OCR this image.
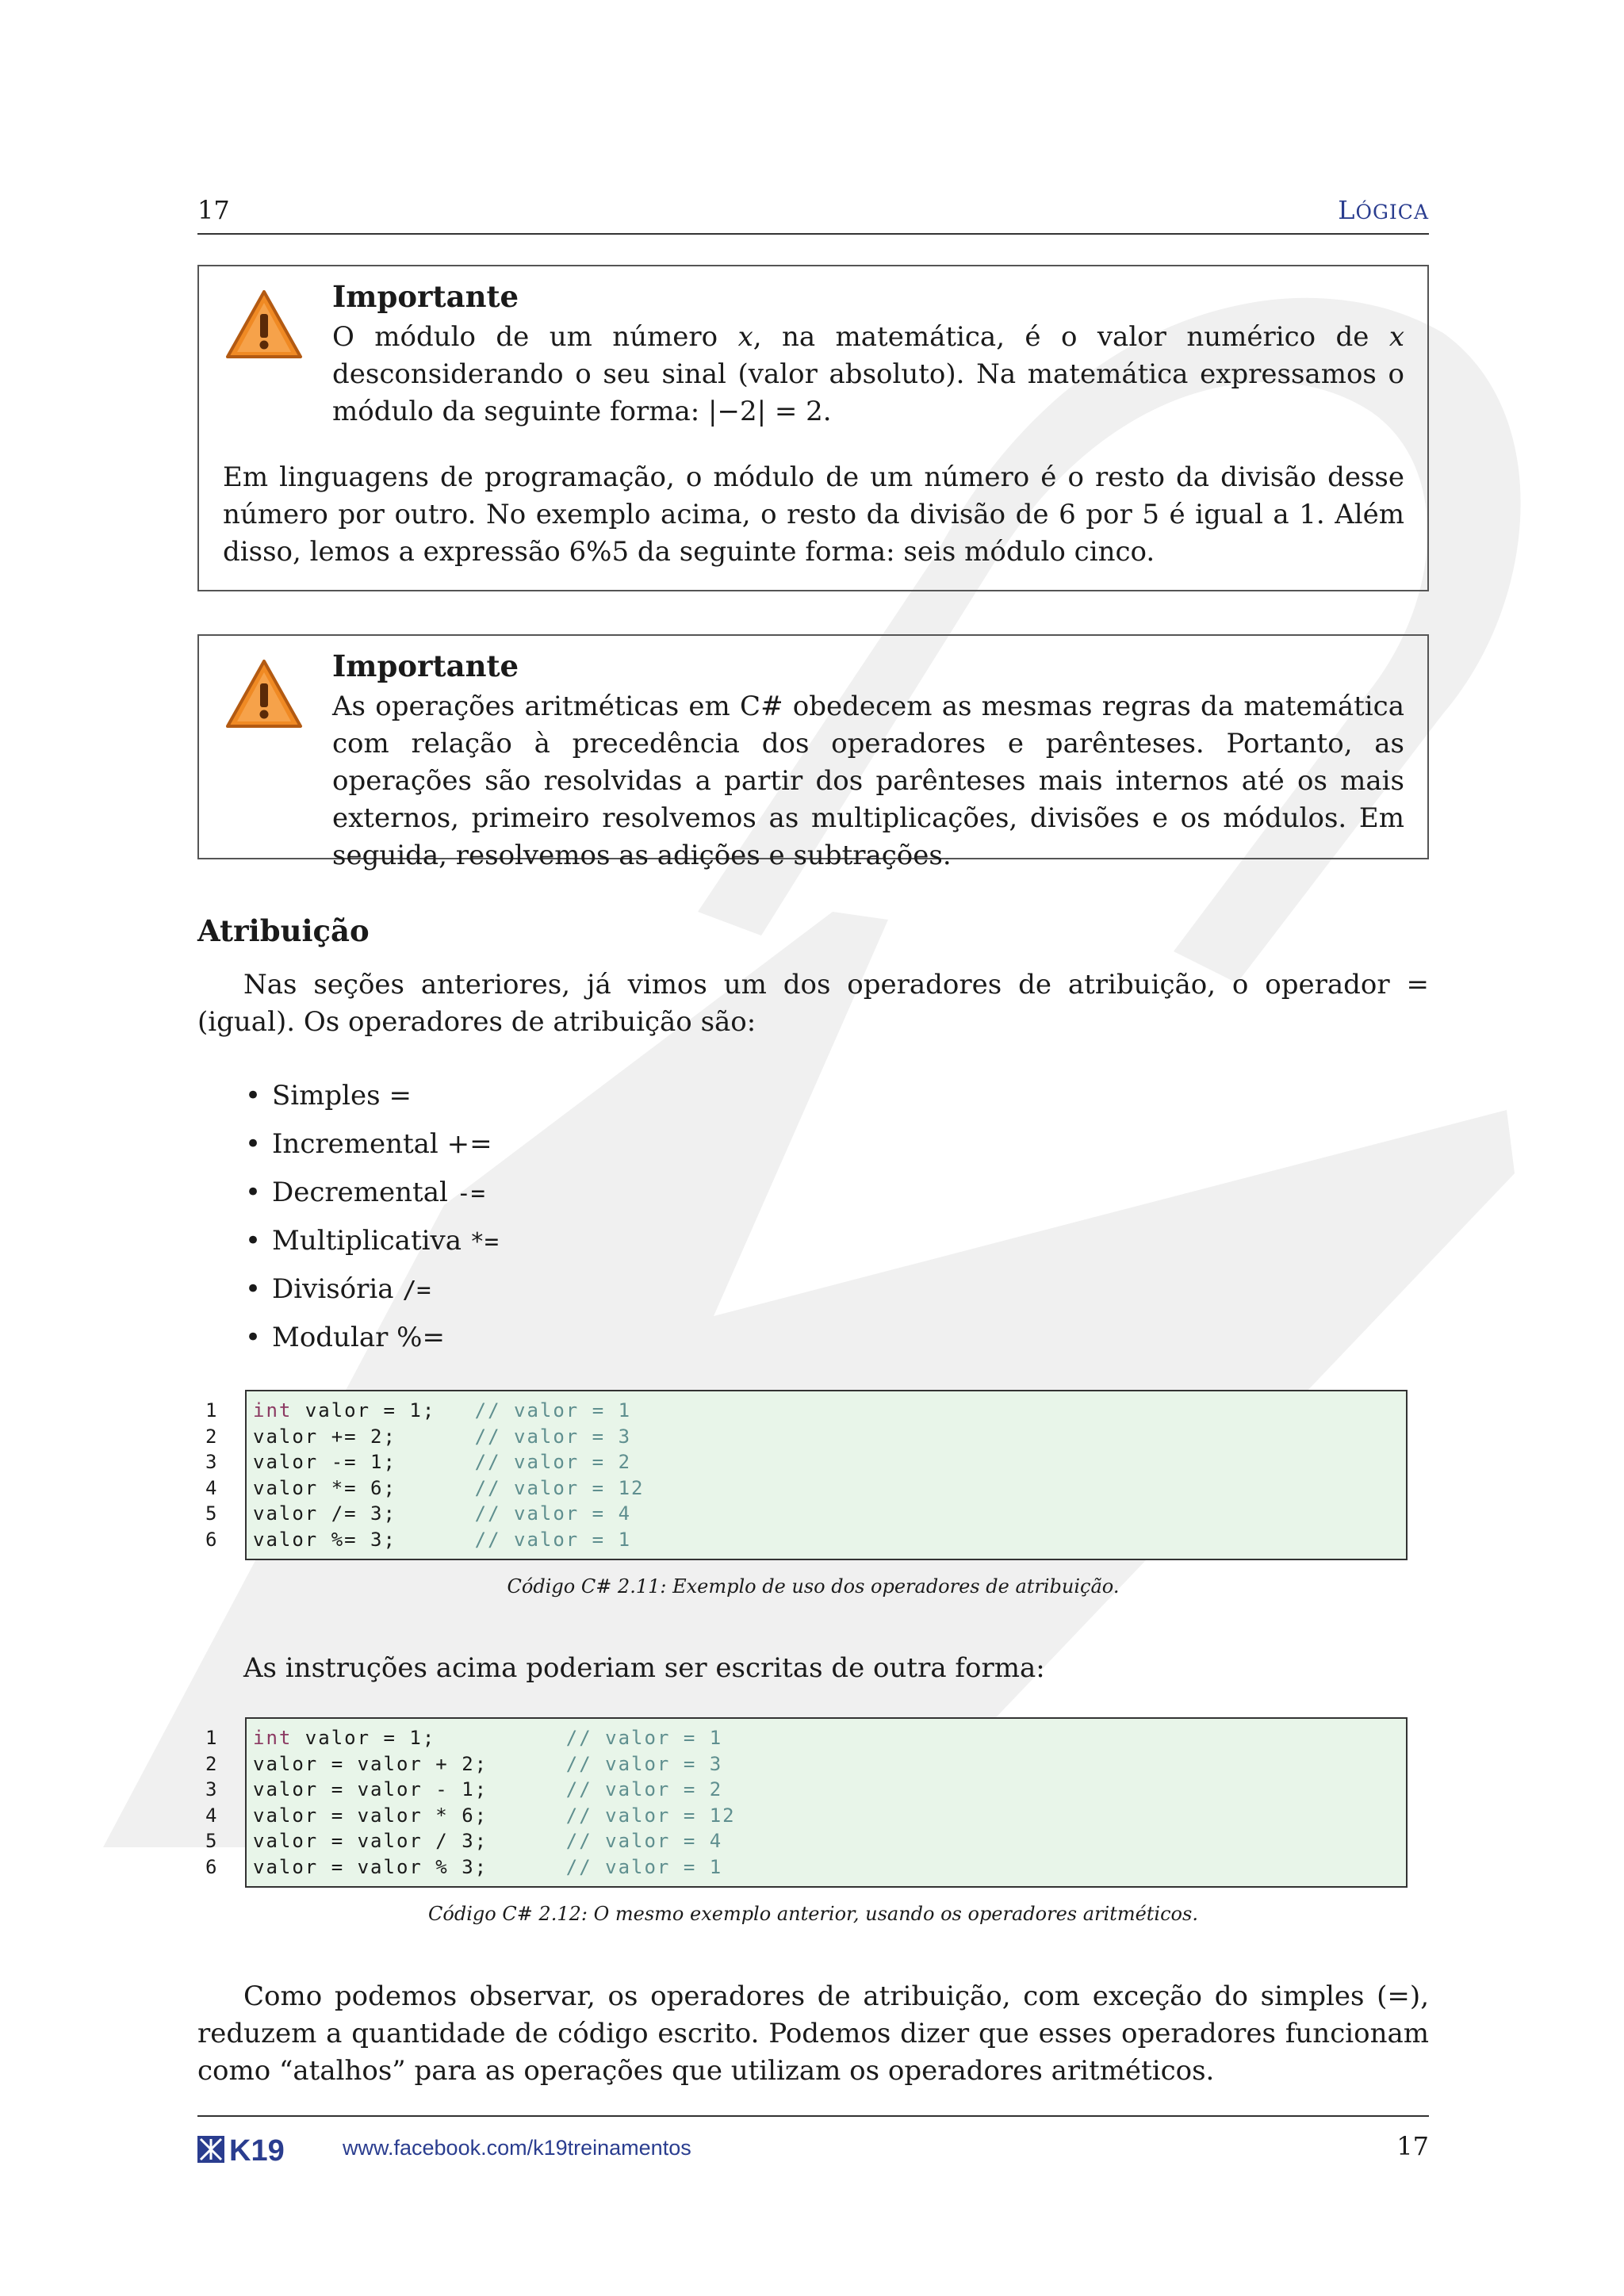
17	LÓGICA
Importante

O módulo de um número x, na matemática, é o valor numérico de x desconsiderando o seu sinal (valor absoluto). Na matemática expressamos o módulo da seguinte forma: |−2| = 2.

Em linguagens de programação, o módulo de um número é o resto da divisão desse número por outro. No exemplo acima, o resto da divisão de 6 por 5 é igual a 1. Além disso, lemos a expressão 6%5 da seguinte forma: seis módulo cinco.

Importante

As operações aritméticas em C# obedecem as mesmas regras da matemática com relação à precedência dos operadores e parênteses. Portanto, as operações são resolvidas a partir dos parênteses mais internos até os mais externos, primeiro resolvemos as multiplicações, divisões e os módulos. Em seguida, resolvemos as adições e subtrações.

Atribuição

Nas seções anteriores, já vimos um dos operadores de atribuição, o operador = (igual). Os operadores de atribuição são:

• Simples =
• Incremental +=
• Decremental -=
• Multiplicativa *=
• Divisória /=
• Modular %=
1
2
3
4
5
6
int valor = 1;   // valor = 1
valor += 2;      // valor = 3
valor -= 1;      // valor = 2
valor *= 6;      // valor = 12
valor /= 3;      // valor = 4
valor %= 3;      // valor = 1
Código C# 2.11: Exemplo de uso dos operadores de atribuição.

As instruções acima poderiam ser escritas de outra forma:

1
2
3
4
5
6
int valor = 1;          // valor = 1
valor = valor + 2;      // valor = 3
valor = valor - 1;      // valor = 2
valor = valor * 6;      // valor = 12
valor = valor / 3;      // valor = 4
valor = valor % 3;      // valor = 1
Código C# 2.12: O mesmo exemplo anterior, usando os operadores aritméticos.

Como podemos observar, os operadores de atribuição, com exceção do simples (=), reduzem a quantidade de código escrito. Podemos dizer que esses operadores funcionam como “atalhos” para as operações que utilizam os operadores aritméticos.

K19	www.facebook.com/k19treinamentos	17
